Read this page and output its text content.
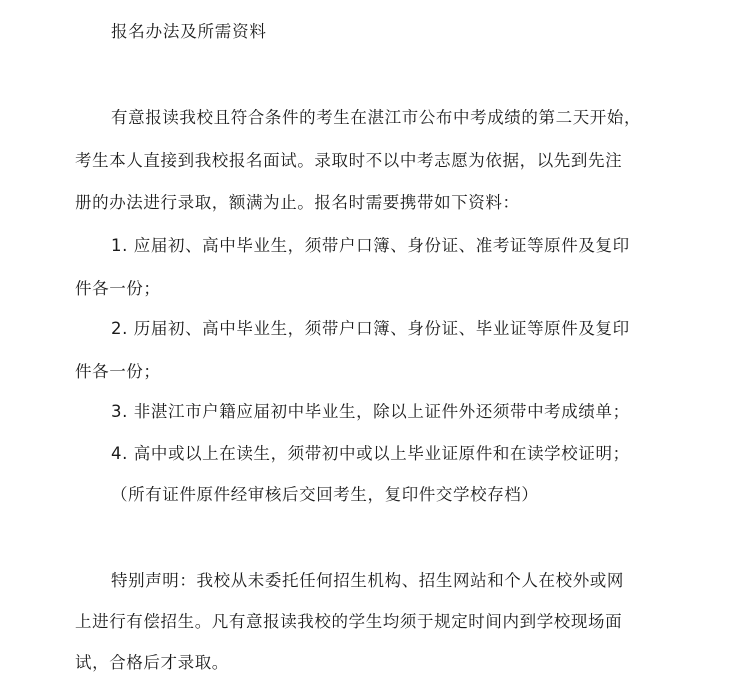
报名办法及所需资料
有意报读我校且符合条件的考生在湛江市公布中考成绩的第二天开始，
考生本人直接到我校报名面试。录取时不以中考志愿为依据，以先到先注
册的办法进行录取，额满为止。报名时需要携带如下资料：
1. 应届初、高中毕业生，须带户口簿、身份证、准考证等原件及复印
件各一份；
2. 历届初、高中毕业生，须带户口簿、身份证、毕业证等原件及复印
件各一份；
3. 非湛江市户籍应届初中毕业生，除以上证件外还须带中考成绩单；
4. 高中或以上在读生，须带初中或以上毕业证原件和在读学校证明；
（所有证件原件经审核后交回考生，复印件交学校存档）
特别声明：我校从未委托任何招生机构、招生网站和个人在校外或网
上进行有偿招生。凡有意报读我校的学生均须于规定时间内到学校现场面
试，合格后才录取。
